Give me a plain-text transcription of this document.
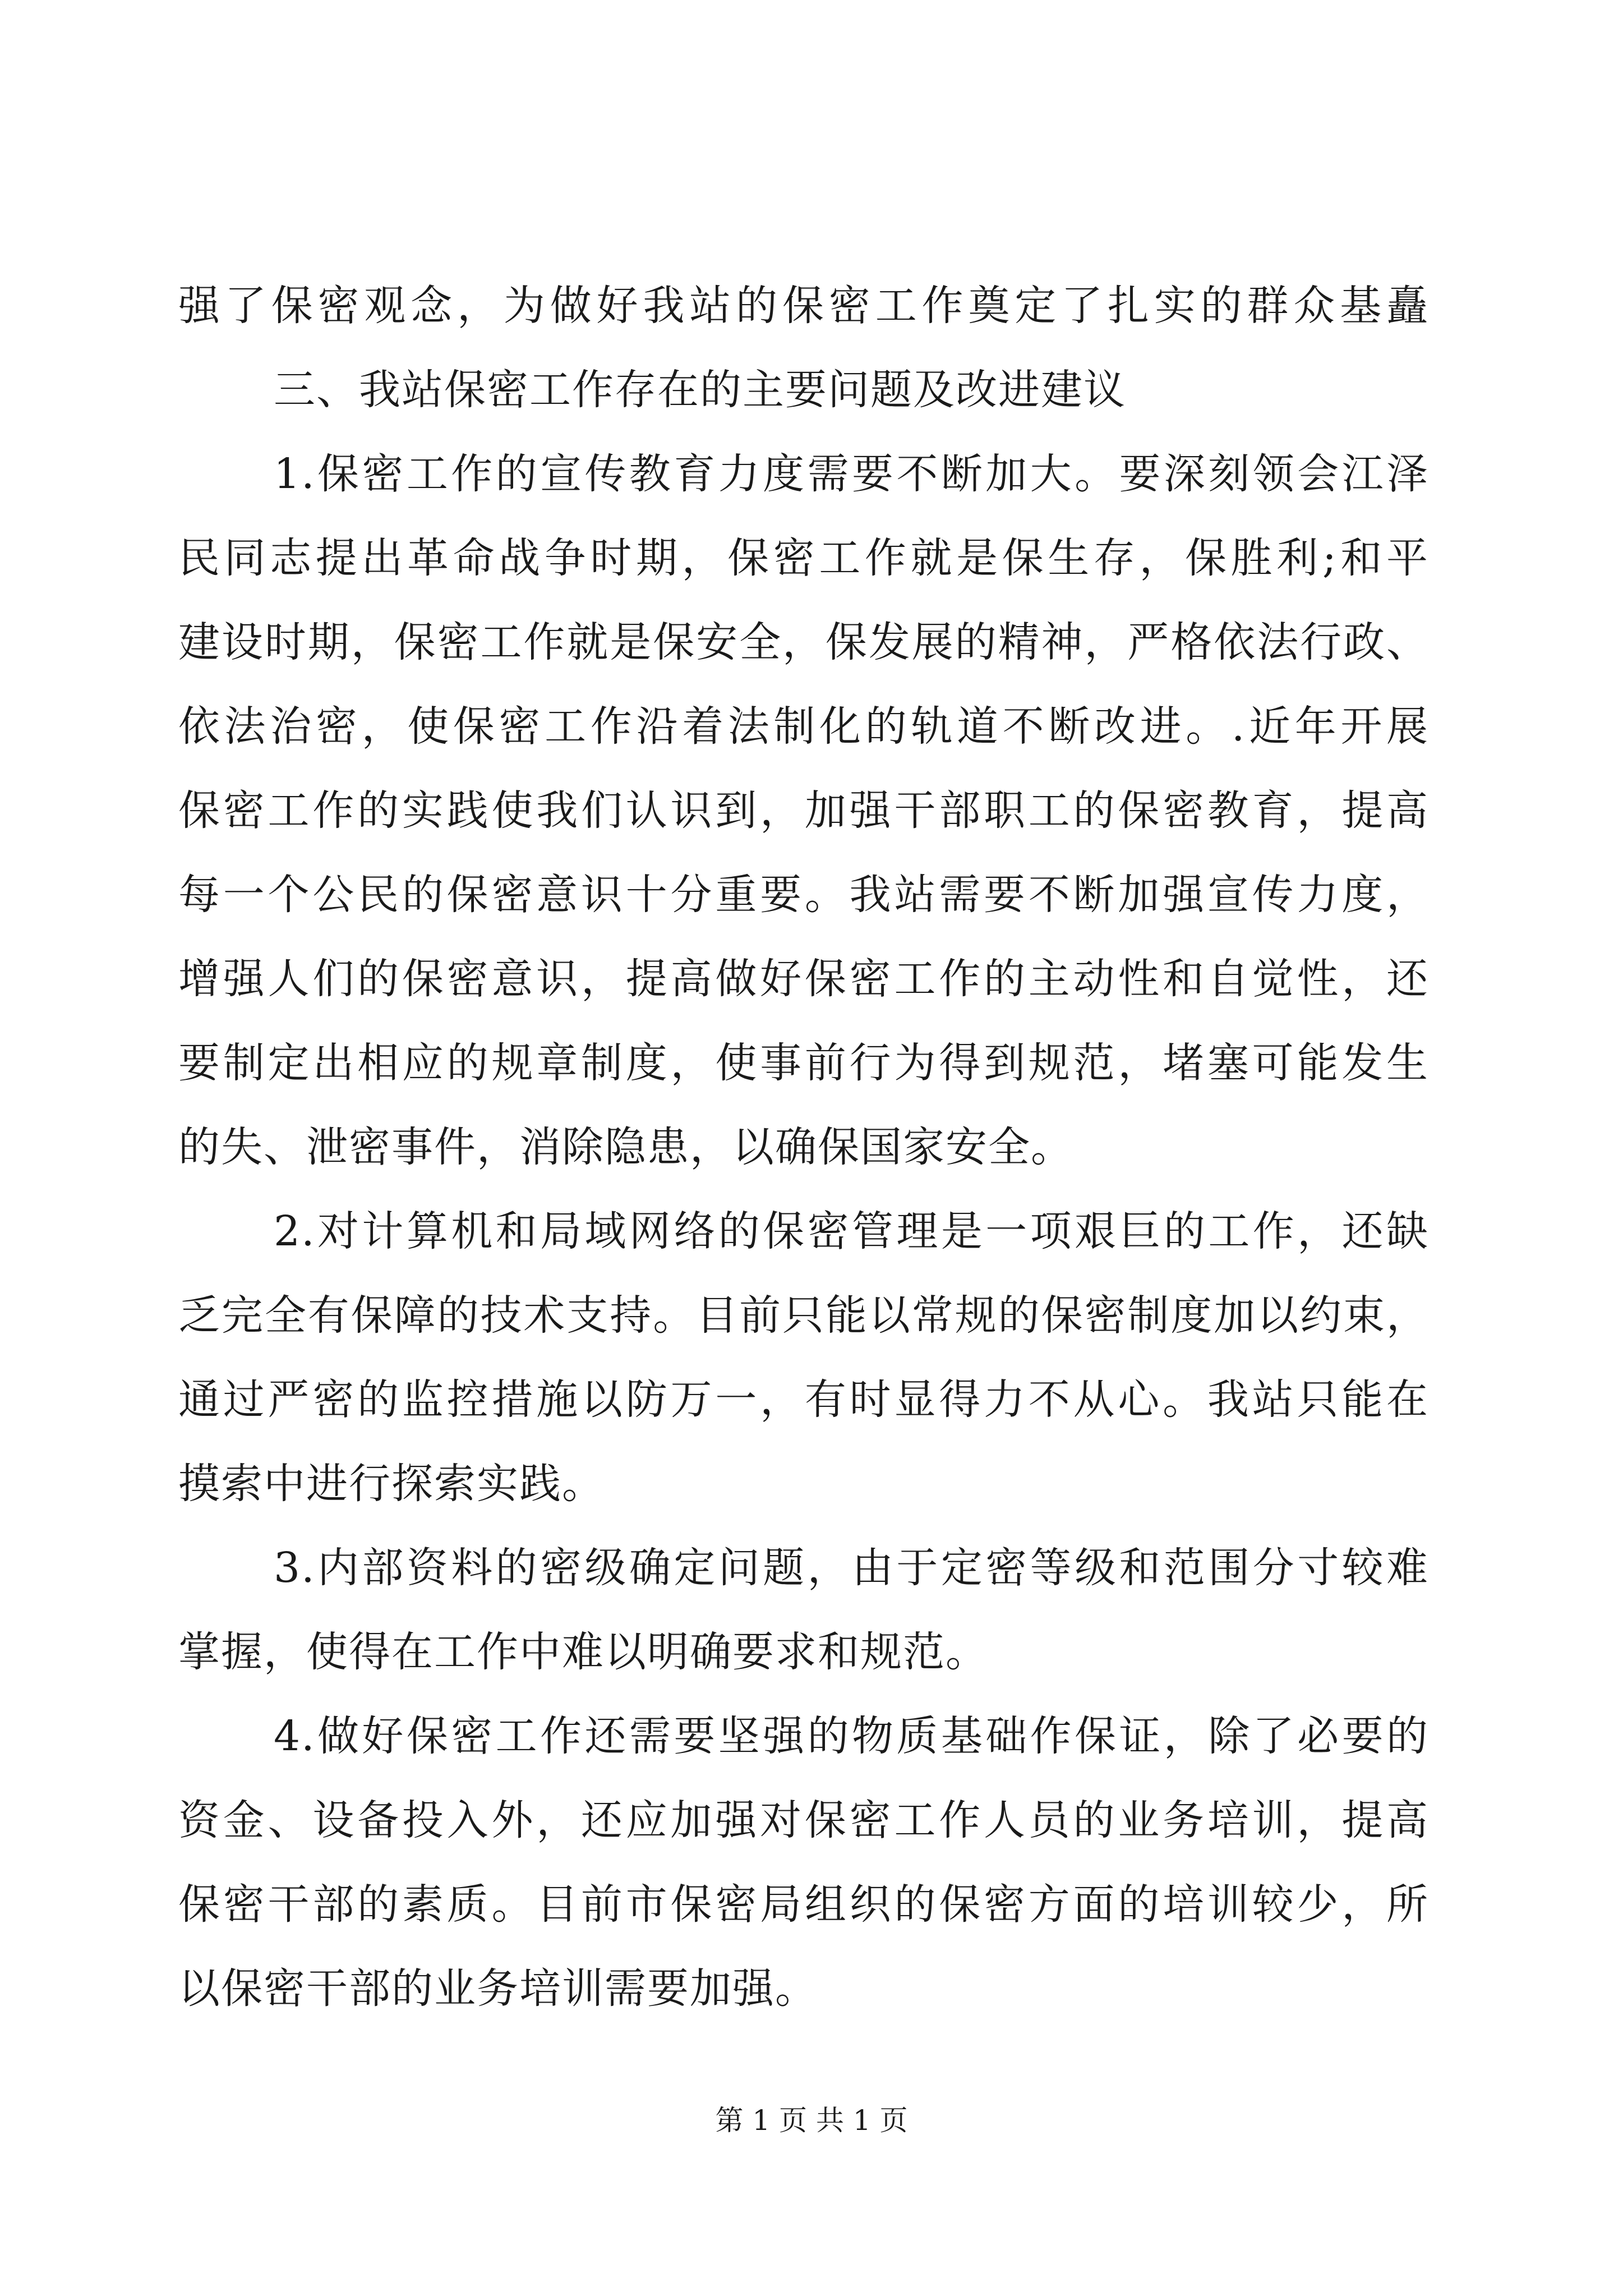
强了保密观念，为做好我站的保密工作奠定了扎实的群众基矗
三、我站保密工作存在的主要问题及改进建议
1.保密工作的宣传教育力度需要不断加大。要深刻领会江泽
民同志提出革命战争时期，保密工作就是保生存，保胜利;和平
建设时期，保密工作就是保安全，保发展的精神，严格依法行政、
依法治密，使保密工作沿着法制化的轨道不断改进。.近年开展
保密工作的实践使我们认识到，加强干部职工的保密教育，提高
每一个公民的保密意识十分重要。我站需要不断加强宣传力度，
增强人们的保密意识，提高做好保密工作的主动性和自觉性，还
要制定出相应的规章制度，使事前行为得到规范，堵塞可能发生
的失、泄密事件，消除隐患，以确保国家安全。
2.对计算机和局域网络的保密管理是一项艰巨的工作，还缺
乏完全有保障的技术支持。目前只能以常规的保密制度加以约束，
通过严密的监控措施以防万一，有时显得力不从心。我站只能在
摸索中进行探索实践。
3.内部资料的密级确定问题，由于定密等级和范围分寸较难
掌握，使得在工作中难以明确要求和规范。
4.做好保密工作还需要坚强的物质基础作保证，除了必要的
资金、设备投入外，还应加强对保密工作人员的业务培训，提高
保密干部的素质。目前市保密局组织的保密方面的培训较少，所
以保密干部的业务培训需要加强。
第 1 页 共 1 页
